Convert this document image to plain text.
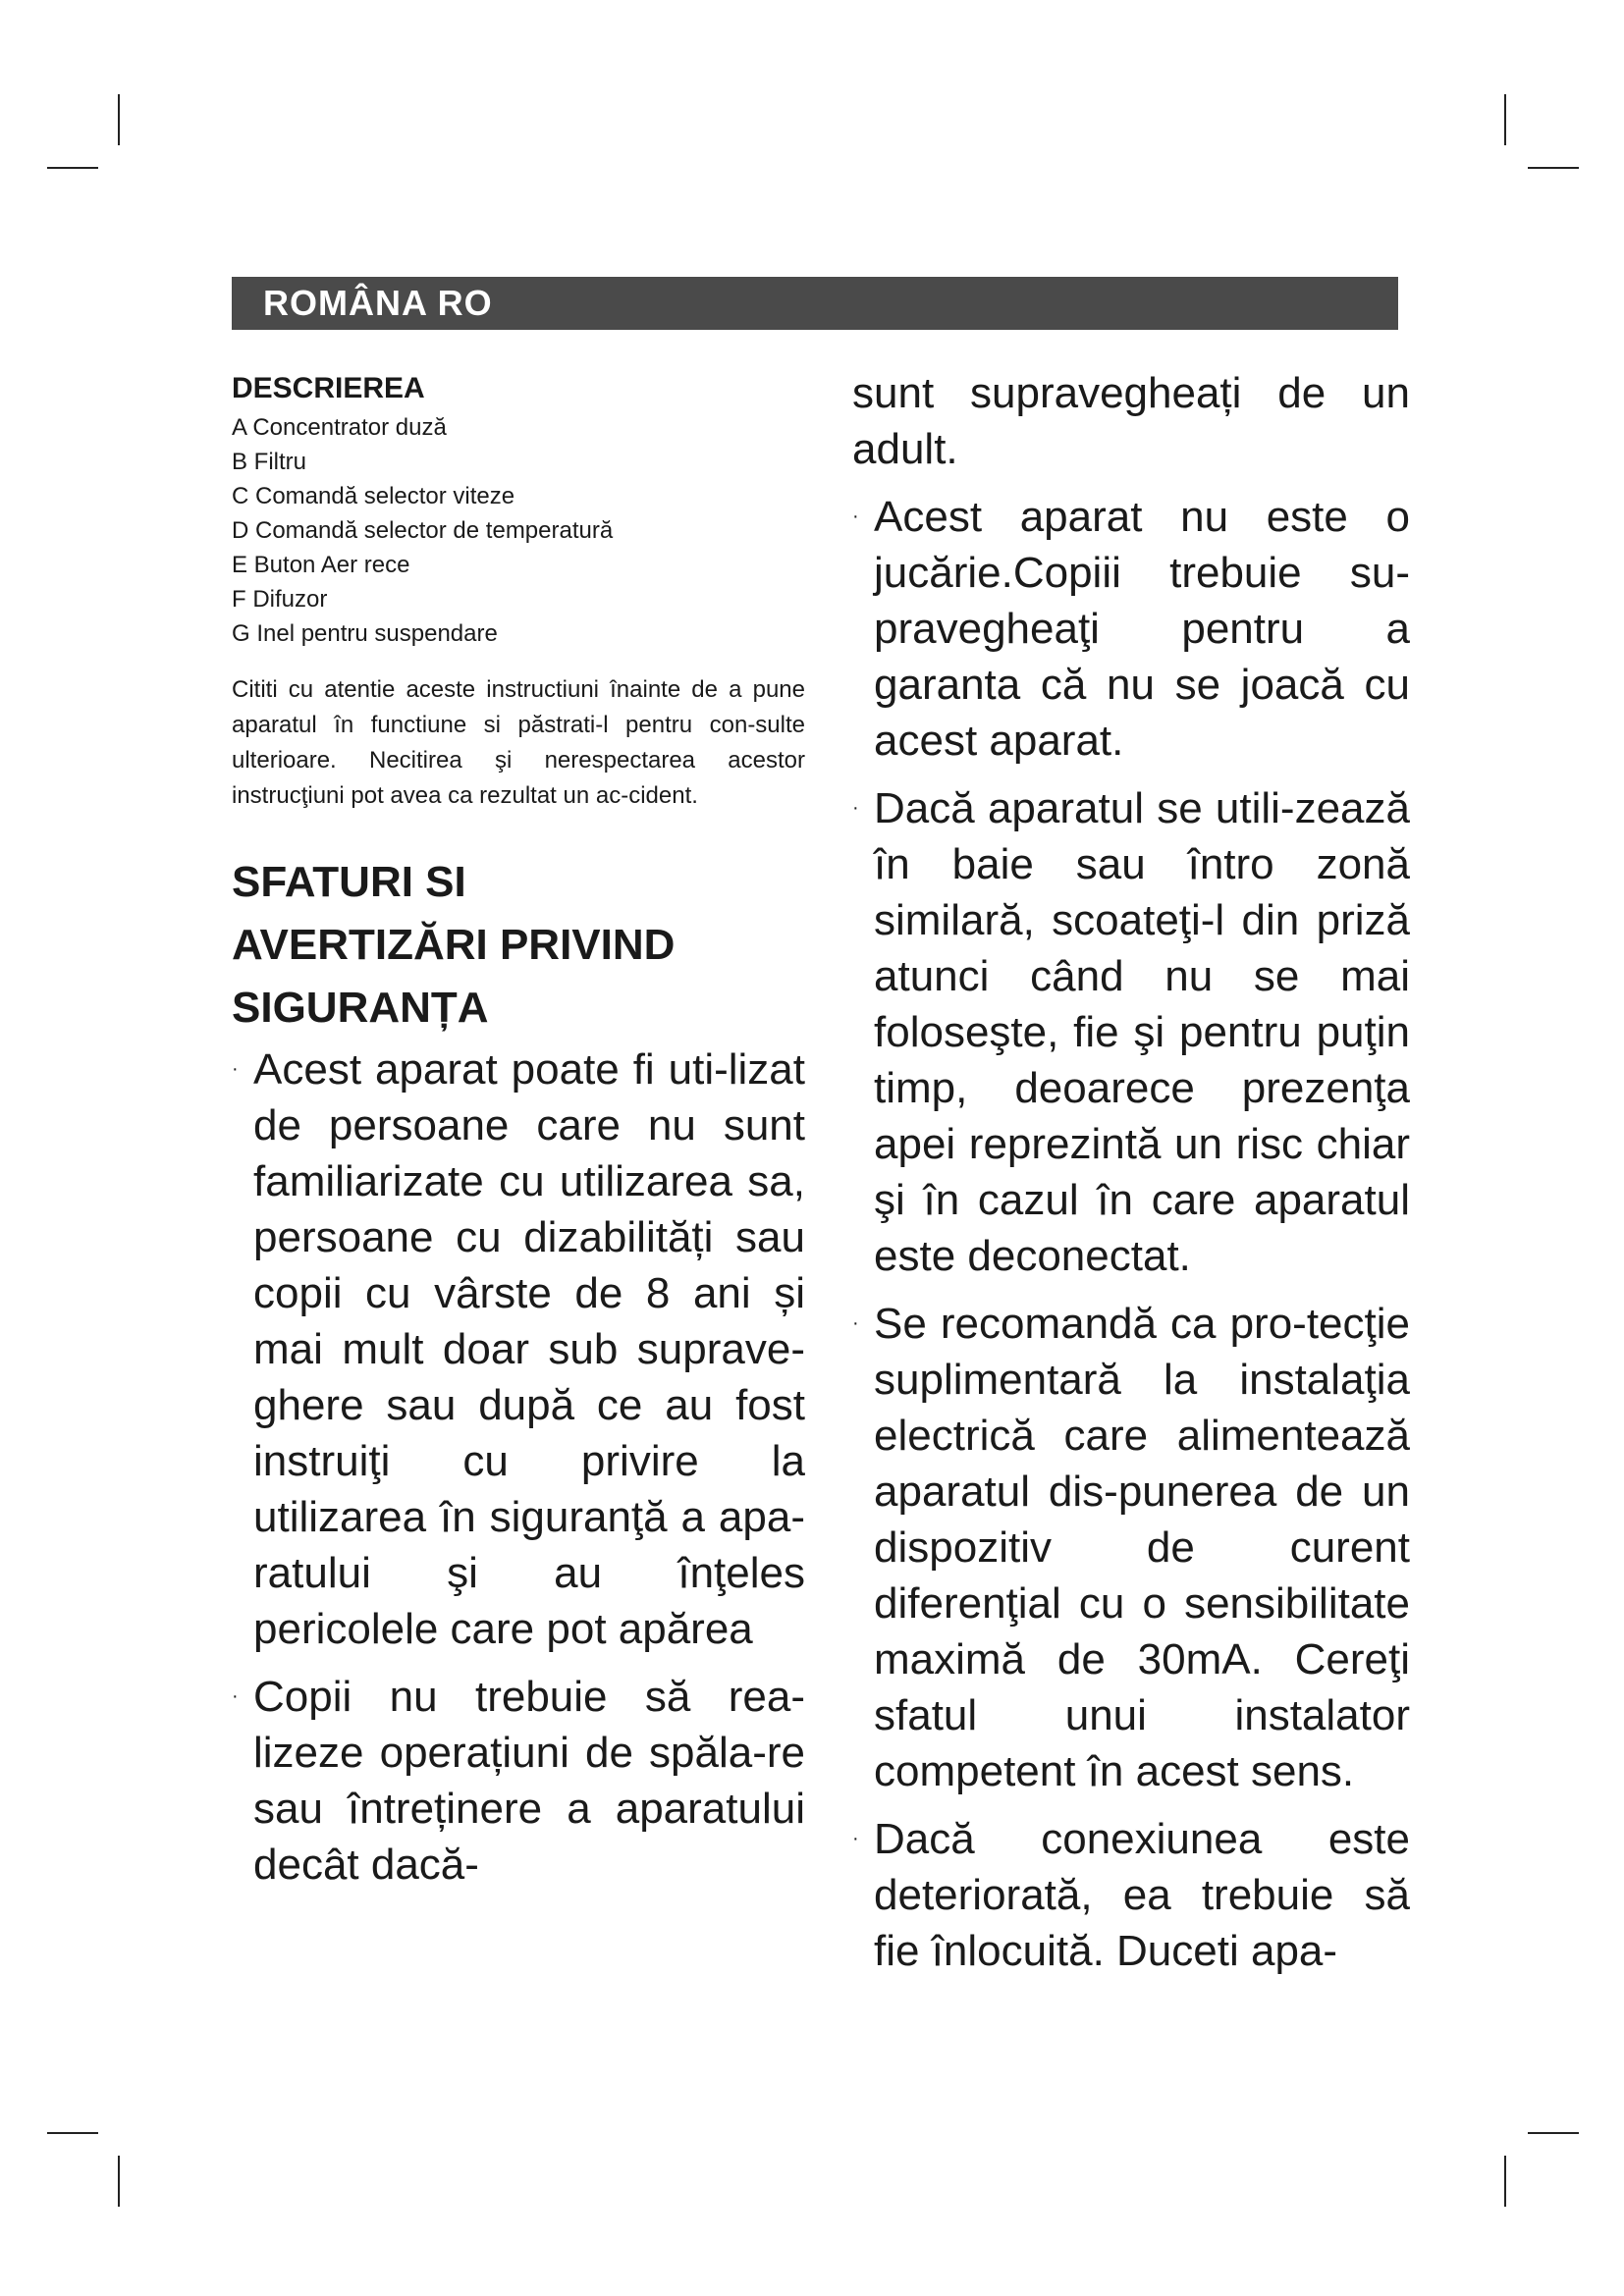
ROMÂNA RO
DESCRIEREA
A Concentrator duză
B Filtru
C Comandă selector viteze
D Comandă selector de temperatură
E Buton Aer rece
F Difuzor
G Inel pentru suspendare

Cititi cu atentie aceste instructiuni înainte de a pune aparatul în functiune si păstrati-l pentru con-sulte ulterioare. Necitirea şi nerespectarea acestor instrucţiuni pot avea ca rezultat un ac-cident.

SFATURI SI
AVERTIZĂRI PRIVIND
SIGURANȚA
· Acest aparat poate fi uti-lizat de persoane care nu sunt familiarizate cu utilizarea sa, persoane cu dizabilități sau copii cu vârste de 8 ani și mai mult doar sub suprave-ghere sau după ce au fost instruiţi cu privire la utilizarea în siguranţă a apa-ratului şi au înţeles pericolele care pot apărea
· Copii nu trebuie să rea-lizeze operațiuni de spăla-re sau întreținere a aparatului decât dacă-

sunt supravegheați de un adult.

· Acest aparat nu este o jucărie.Copiii trebuie su-pravegheaţi pentru a garanta că nu se joacă cu acest aparat.
· Dacă aparatul se utili-zează în baie sau întro zonă similară, scoateţi-l din priză atunci când nu se mai foloseşte, fie şi pentru puţin timp, deoarece prezenţa apei reprezintă un risc chiar şi în cazul în care aparatul este deconectat.
· Se recomandă ca pro-tecţie suplimentară la instalaţia electrică care alimentează aparatul dis-punerea de un dispozitiv de curent diferenţial cu o sensibilitate maximă de 30mA. Cereţi sfatul unui instalator competent în acest sens.
· Dacă conexiunea este deteriorată, ea trebuie să fie înlocuită. Duceti apa-
